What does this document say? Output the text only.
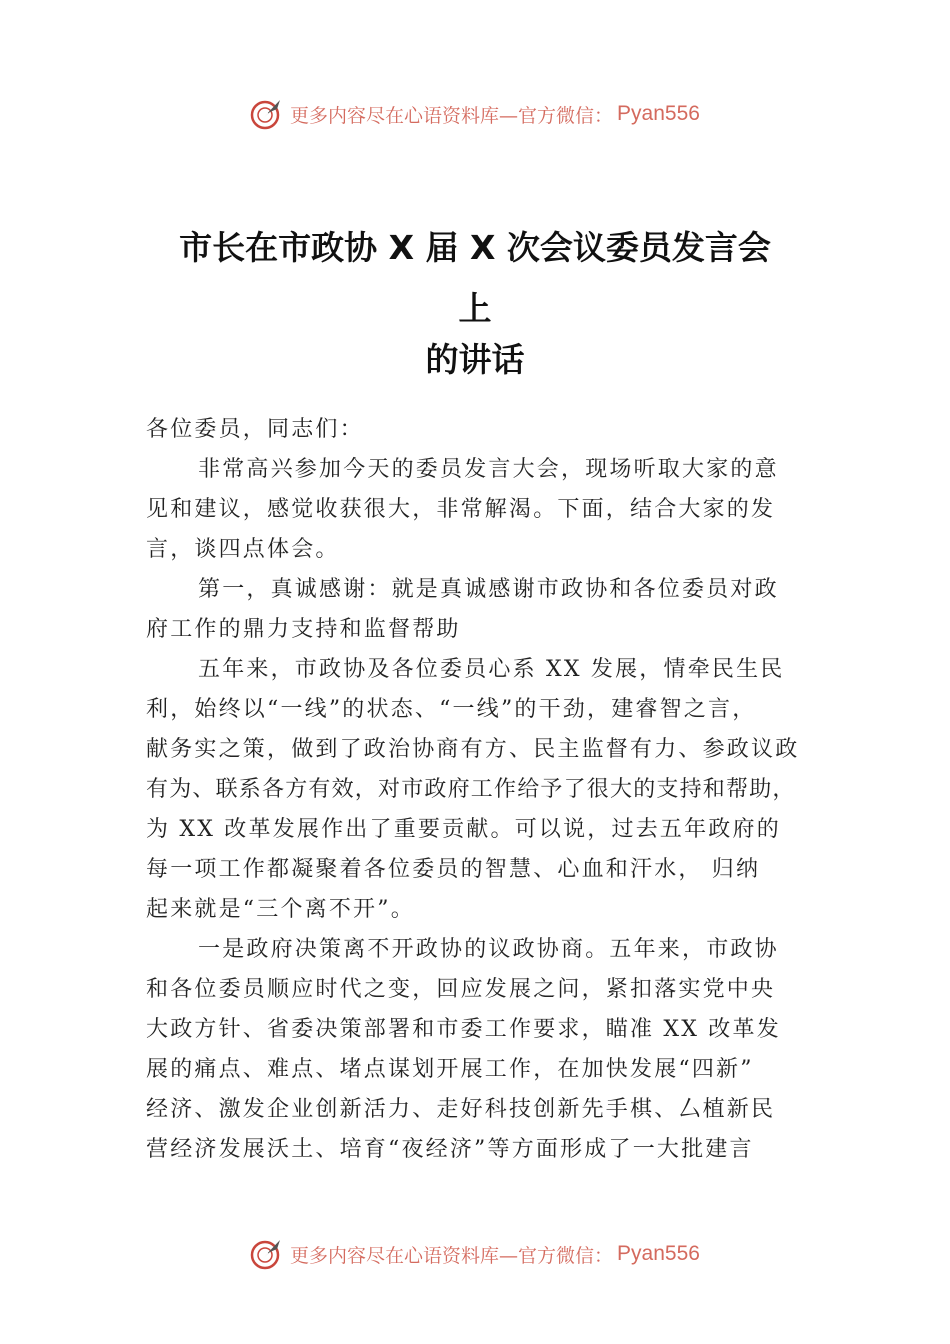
更多内容尽在心语资料库—官方微信： Pyan556
市长在市政协 X 届 X 次会议委员发言会
上
的讲话
各位委员，同志们：
非常高兴参加今天的委员发言大会，现场听取大家的意
见和建议，感觉收获很大，非常解渴。下面，结合大家的发
言，谈四点体会。
第一，真诚感谢：就是真诚感谢市政协和各位委员对政
府工作的鼎力支持和监督帮助
五年来，市政协及各位委员心系 XX 发展，情牵民生民
利，始终以“一线”的状态、“一线”的干劲，建睿智之言，
献务实之策，做到了政治协商有方、民主监督有力、参政议政
有为、联系各方有效，对市政府工作给予了很大的支持和帮助，
为 XX 改革发展作出了重要贡献。可以说，过去五年政府的
每一项工作都凝聚着各位委员的智慧、心血和汗水， 归纳
起来就是“三个离不开”。
一是政府决策离不开政协的议政协商。五年来，市政协
和各位委员顺应时代之变，回应发展之问，紧扣落实党中央
大政方针、省委决策部署和市委工作要求，瞄准 XX 改革发
展的痛点、难点、堵点谋划开展工作，在加快发展“四新”
经济、激发企业创新活力、走好科技创新先手棋、厶植新民
营经济发展沃土、培育“夜经济”等方面形成了一大批建言
更多内容尽在心语资料库—官方微信： Pyan556
